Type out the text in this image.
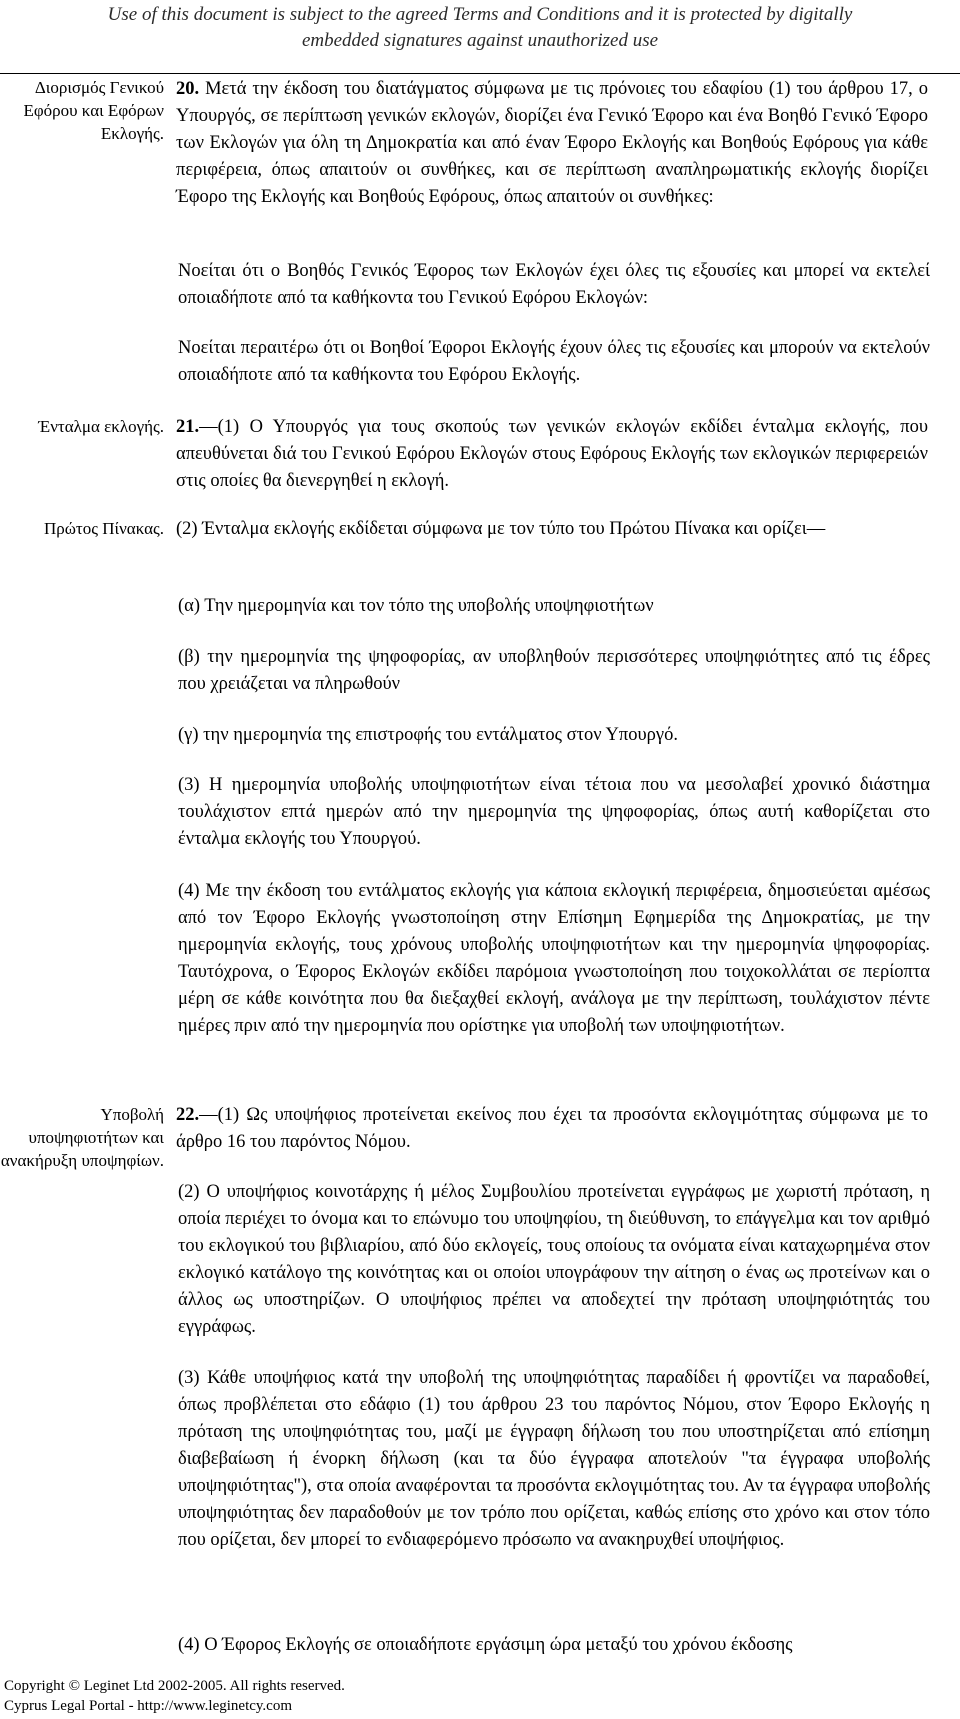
Use of this document is subject to the agreed Terms and Conditions and it is protected by digitally
embedded signatures against unauthorized use
Διορισμός Γενικού Εφόρου και Εφόρων Εκλογής.
Ένταλμα εκλογής.
Πρώτος Πίνακας.
Υποβολή υποψηφιοτήτων και ανακήρυξη υποψηφίων.
20. Μετά την έκδοση του διατάγματος σύμφωνα με τις πρόνοιες του εδαφίου (1) του άρθρου 17, ο Υπουργός, σε περίπτωση γενικών εκλογών, διορίζει ένα Γενικό Έφορο και ένα Βοηθό Γενικό Έφορο των Εκλογών για όλη τη Δημοκρατία και από έναν Έφορο Εκλογής και Βοηθούς Εφόρους για κάθε περιφέρεια, όπως απαιτούν οι συνθήκες, και σε περίπτωση αναπληρωματικής εκλογής διορίζει Έφορο της Εκλογής και Βοηθούς Εφόρους, όπως απαιτούν οι συνθήκες:
Νοείται ότι ο Βοηθός Γενικός Έφορος των Εκλογών έχει όλες τις εξουσίες και μπορεί να εκτελεί οποιαδήποτε από τα καθήκοντα του Γενικού Εφόρου Εκλογών:
Νοείται περαιτέρω ότι οι Βοηθοί Έφοροι Εκλογής έχουν όλες τις εξουσίες και μπορούν να εκτελούν οποιαδήποτε από τα καθήκοντα του Εφόρου Εκλογής.
21.—(1) Ο Υπουργός για τους σκοπούς των γενικών εκλογών εκδίδει ένταλμα εκλογής, που απευθύνεται διά του Γενικού Εφόρου Εκλογών στους Εφόρους Εκλογής των εκλογικών περιφερειών στις οποίες θα διενεργηθεί η εκλογή.
(2) Ένταλμα εκλογής εκδίδεται σύμφωνα με τον τύπο του Πρώτου Πίνακα και ορίζει—
(α) Την ημερομηνία και τον τόπο της υποβολής υποψηφιοτήτων
(β) την ημερομηνία της ψηφοφορίας, αν υποβληθούν περισσότερες υποψηφιότητες από τις έδρες που χρειάζεται να πληρωθούν
(γ) την ημερομηνία της επιστροφής του εντάλματος στον Υπουργό.
(3) Η ημερομηνία υποβολής υποψηφιοτήτων είναι τέτοια που να μεσολαβεί χρονικό διάστημα τουλάχιστον επτά ημερών από την ημερομηνία της ψηφοφορίας, όπως αυτή καθορίζεται στο ένταλμα εκλογής του Υπουργού.
(4) Με την έκδοση του εντάλματος εκλογής για κάποια εκλογική περιφέρεια, δημοσιεύεται αμέσως από τον Έφορο Εκλογής γνωστοποίηση στην Επίσημη Εφημερίδα της Δημοκρατίας, με την ημερομηνία εκλογής, τους χρόνους υποβολής υποψηφιοτήτων και την ημερομηνία ψηφοφορίας. Ταυτόχρονα, ο Έφορος Εκλογών εκδίδει παρόμοια γνωστοποίηση που τοιχοκολλάται σε περίοπτα μέρη σε κάθε κοινότητα που θα διεξαχθεί εκλογή, ανάλογα με την περίπτωση, τουλάχιστον πέντε ημέρες πριν από την ημερομηνία που ορίστηκε για υποβολή των υποψηφιοτήτων.
22.—(1) Ως υποψήφιος προτείνεται εκείνος που έχει τα προσόντα εκλογιμότητας σύμφωνα με το άρθρο 16 του παρόντος Νόμου.
(2) Ο υποψήφιος κοινοτάρχης ή μέλος Συμβουλίου προτείνεται εγγράφως με χωριστή πρόταση, η οποία περιέχει το όνομα και το επώνυμο του υποψηφίου, τη διεύθυνση, το επάγγελμα και τον αριθμό του εκλογικού του βιβλιαρίου, από δύο εκλογείς, τους οποίους τα ονόματα είναι καταχωρημένα στον εκλογικό κατάλογο της κοινότητας και οι οποίοι υπογράφουν την αίτηση ο ένας ως προτείνων και ο άλλος ως υποστηρίζων. Ο υποψήφιος πρέπει να αποδεχτεί την πρόταση υποψηφιότητάς του εγγράφως.
(3) Κάθε υποψήφιος κατά την υποβολή της υποψηφιότητας παραδίδει ή φροντίζει να παραδοθεί, όπως προβλέπεται στο εδάφιο (1) του άρθρου 23 του παρόντος Νόμου, στον Έφορο Εκλογής η πρόταση της υποψηφιότητας του, μαζί με έγγραφη δήλωση του που υποστηρίζεται από επίσημη διαβεβαίωση ή ένορκη δήλωση (και τα δύο έγγραφα αποτελούν "τα έγγραφα υποβολής υποψηφιότητας"), στα οποία αναφέρονται τα προσόντα εκλογιμότητας του. Αν τα έγγραφα υποβολής υποψηφιότητας δεν παραδοθούν με τον τρόπο που ορίζεται, καθώς επίσης στο χρόνο και στον τόπο που ορίζεται, δεν μπορεί το ενδιαφερόμενο πρόσωπο να ανακηρυχθεί υποψήφιος.
(4) Ο Έφορος Εκλογής σε οποιαδήποτε εργάσιμη ώρα μεταξύ του χρόνου έκδοσης
Copyright © Leginet Ltd 2002-2005. All rights reserved.
Cyprus Legal Portal - http://www.leginetcy.com
